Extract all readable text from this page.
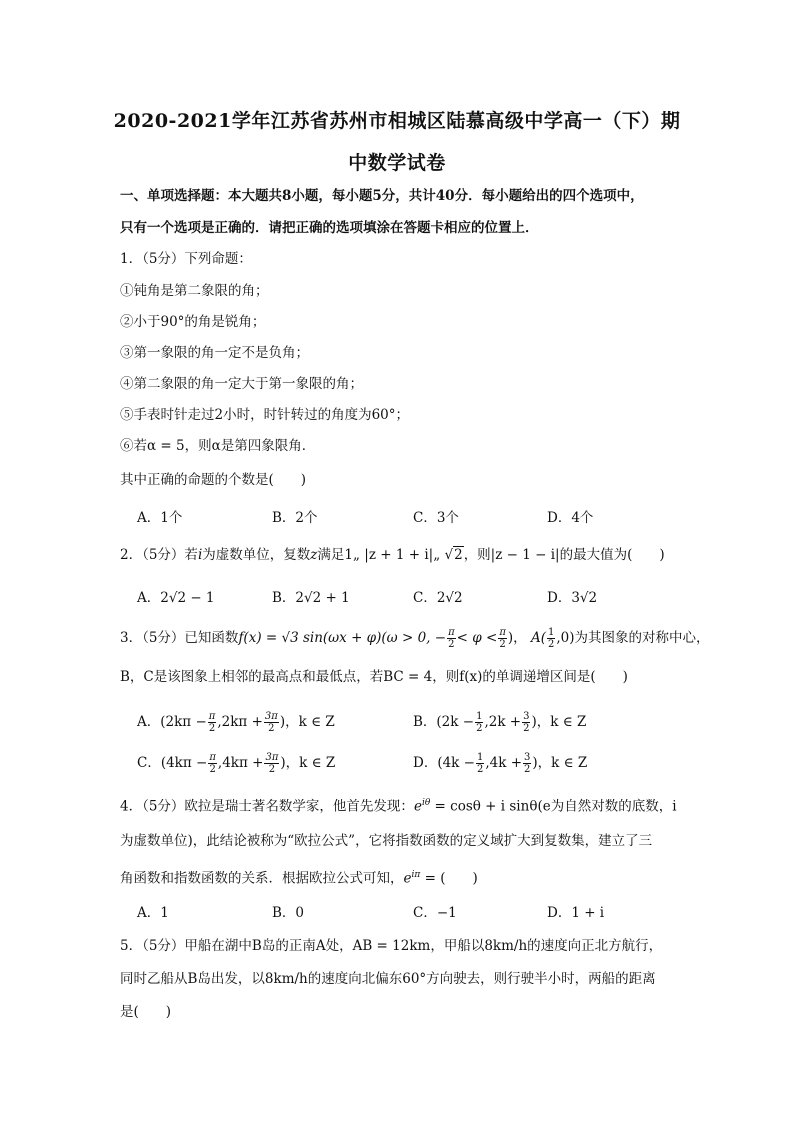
2020-2021学年江苏省苏州市相城区陆慕高级中学高一（下）期
中数学试卷
一、单项选择题：本大题共8小题，每小题5分，共计40分．每小题给出的四个选项中，
只有一个选项是正确的．请把正确的选项填涂在答题卡相应的位置上．
1．（5分）下列命题：
①钝角是第二象限的角；
②小于90°的角是锐角；
③第一象限的角一定不是负角；
④第二象限的角一定大于第一象限的角；
⑤手表时针走过2小时，时针转过的角度为60°；
⑥若α = 5，则α是第四象限角．
其中正确的命题的个数是(　　)
A．1个	B．2个	C．3个	D．4个
2．（5分）若i为虚数单位，复数z满足1„ |z + 1 + i|„ √2，则|z − 1 − i|的最大值为(　　)
A．2√2 − 1	B．2√2 + 1	C．2√2	D．3√2
3．（5分）已知函数f(x) = √3 sin(ωx + φ)(ω > 0, − $\frac{\pi}{2} < \varphi < \frac{\pi}{2}$ )， $A( \frac{1}{2} ,0)$为其图象的对称中心，
B，C是该图象上相邻的最高点和最低点，若BC = 4，则f(x)的单调递增区间是(　　)
A．($2k\pi - \frac{\pi}{2} ,2k\pi + \frac{3\pi}{2}$ )，k ∈ Z	B．($2k - \frac{1}{2} ,2k + \frac{3}{2}$ )，k ∈ Z
C．($4k\pi - \frac{\pi}{2} ,4k\pi + \frac{3\pi}{2}$ )，k ∈ Z	D．($4k - \frac{1}{2} ,4k + \frac{3}{2}$ )，k ∈ Z
4．（5分）欧拉是瑞士著名数学家，他首先发现：$e^{i\theta} = \cos\theta + i$ sinθ(e为自然对数的底数，i
为虚数单位)，此结论被称为“欧拉公式”，它将指数函数的定义域扩大到复数集，建立了三
角函数和指数函数的关系．根据欧拉公式可知，$e^{i\pi}$ = (　　)
A．1	B．0	C．−1	D．1 + i
5．（5分）甲船在湖中B岛的正南A处，AB = 12km，甲船以8km/h的速度向正北方航行，
同时乙船从B岛出发，以8km/h的速度向北偏东60°方向驶去，则行驶半小时，两船的距离
是(　　)
